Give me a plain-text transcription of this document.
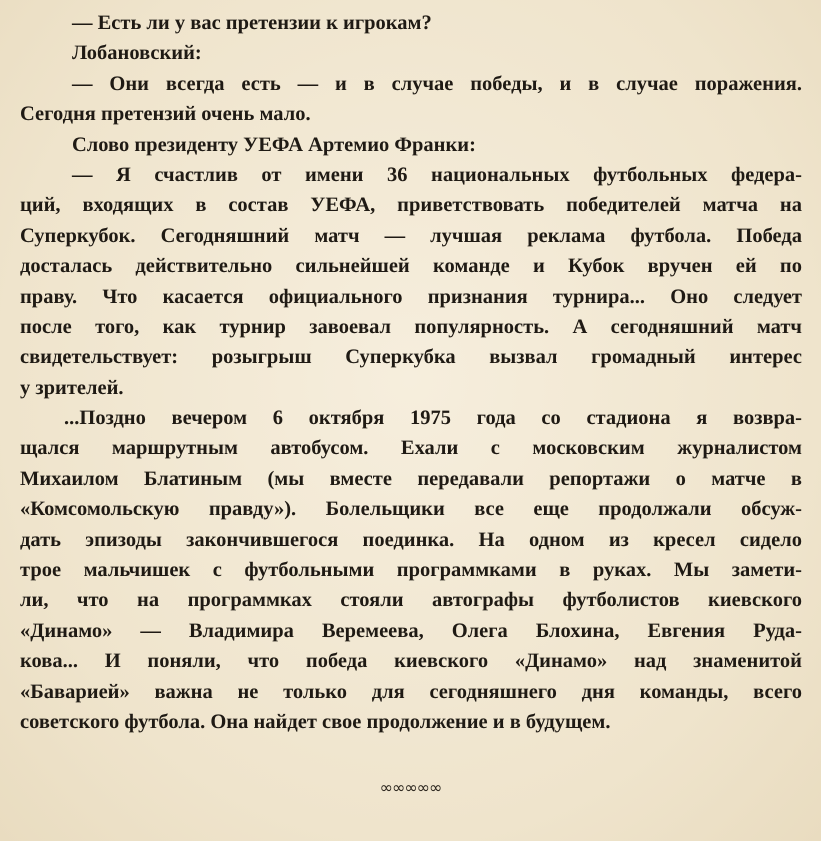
— Есть ли у вас претензии к игрокам?
Лобановский:
— Они всегда есть — и в случае победы, и в случае поражения.
Сегодня претензий очень мало.
Слово президенту УЕФА Артемио Франки:
— Я счастлив от имени 36 национальных футбольных федера-
ций, входящих в состав УЕФА, приветствовать победителей матча на
Суперкубок. Сегодняшний матч — лучшая реклама футбола. Победа
досталась действительно сильнейшей команде и Кубок вручен ей по
праву. Что касается официального признания турнира... Оно следует
после того, как турнир завоевал популярность. А сегодняшний матч
свидетельствует: розыгрыш Суперкубка вызвал громадный интерес
у зрителей.
...Поздно вечером 6 октября 1975 года со стадиона я возвра-
щался маршрутным автобусом. Ехали с московским журналистом
Михаилом Блатиным (мы вместе передавали репортажи о матче в
«Комсомольскую правду»). Болельщики все еще продолжали обсуж-
дать эпизоды закончившегося поединка. На одном из кресел сидело
трое мальчишек с футбольными программками в руках. Мы замети-
ли, что на программках стояли автографы футболистов киевского
«Динамо» — Владимира Веремеева, Олега Блохина, Евгения Руда-
кова... И поняли, что победа киевского «Динамо» над знаменитой
«Баварией» важна не только для сегодняшнего дня команды, всего
советского футбола. Она найдет свое продолжение и в будущем.
∞∞∞∞∞
